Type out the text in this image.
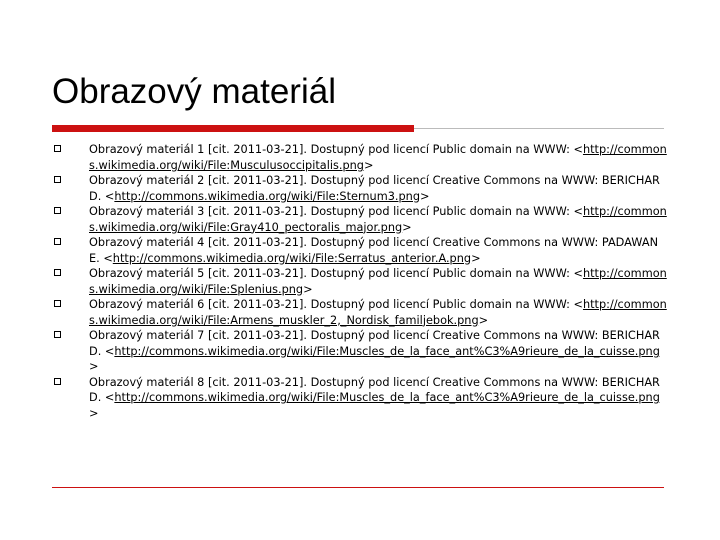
Obrazový materiál
Obrazový materiál 1 [cit. 2011-03-21]. Dostupný pod licencí Public domain na WWW: <http://commons.wikimedia.org/wiki/File:Musculusoccipitalis.png>
Obrazový materiál 2 [cit. 2011-03-21]. Dostupný pod licencí Creative Commons na WWW: BERICHARD. <http://commons.wikimedia.org/wiki/File:Sternum3.png>
Obrazový materiál 3 [cit. 2011-03-21]. Dostupný pod licencí Public domain na WWW: <http://commons.wikimedia.org/wiki/File:Gray410_pectoralis_major.png>
Obrazový materiál 4 [cit. 2011-03-21]. Dostupný pod licencí Creative Commons na WWW: PADAWANE. <http://commons.wikimedia.org/wiki/File:Serratus_anterior.A.png>
Obrazový materiál 5 [cit. 2011-03-21]. Dostupný pod licencí Public domain na WWW: <http://commons.wikimedia.org/wiki/File:Splenius.png>
Obrazový materiál 6 [cit. 2011-03-21]. Dostupný pod licencí Public domain na WWW: <http://commons.wikimedia.org/wiki/File:Armens_muskler_2,_Nordisk_familjebok.png>
Obrazový materiál 7 [cit. 2011-03-21]. Dostupný pod licencí Creative Commons na WWW: BERICHARD. <http://commons.wikimedia.org/wiki/File:Muscles_de_la_face_ant%C3%A9rieure_de_la_cuisse.png>
Obrazový materiál 8 [cit. 2011-03-21]. Dostupný pod licencí Creative Commons na WWW: BERICHARD. <http://commons.wikimedia.org/wiki/File:Muscles_de_la_face_ant%C3%A9rieure_de_la_cuisse.png>
